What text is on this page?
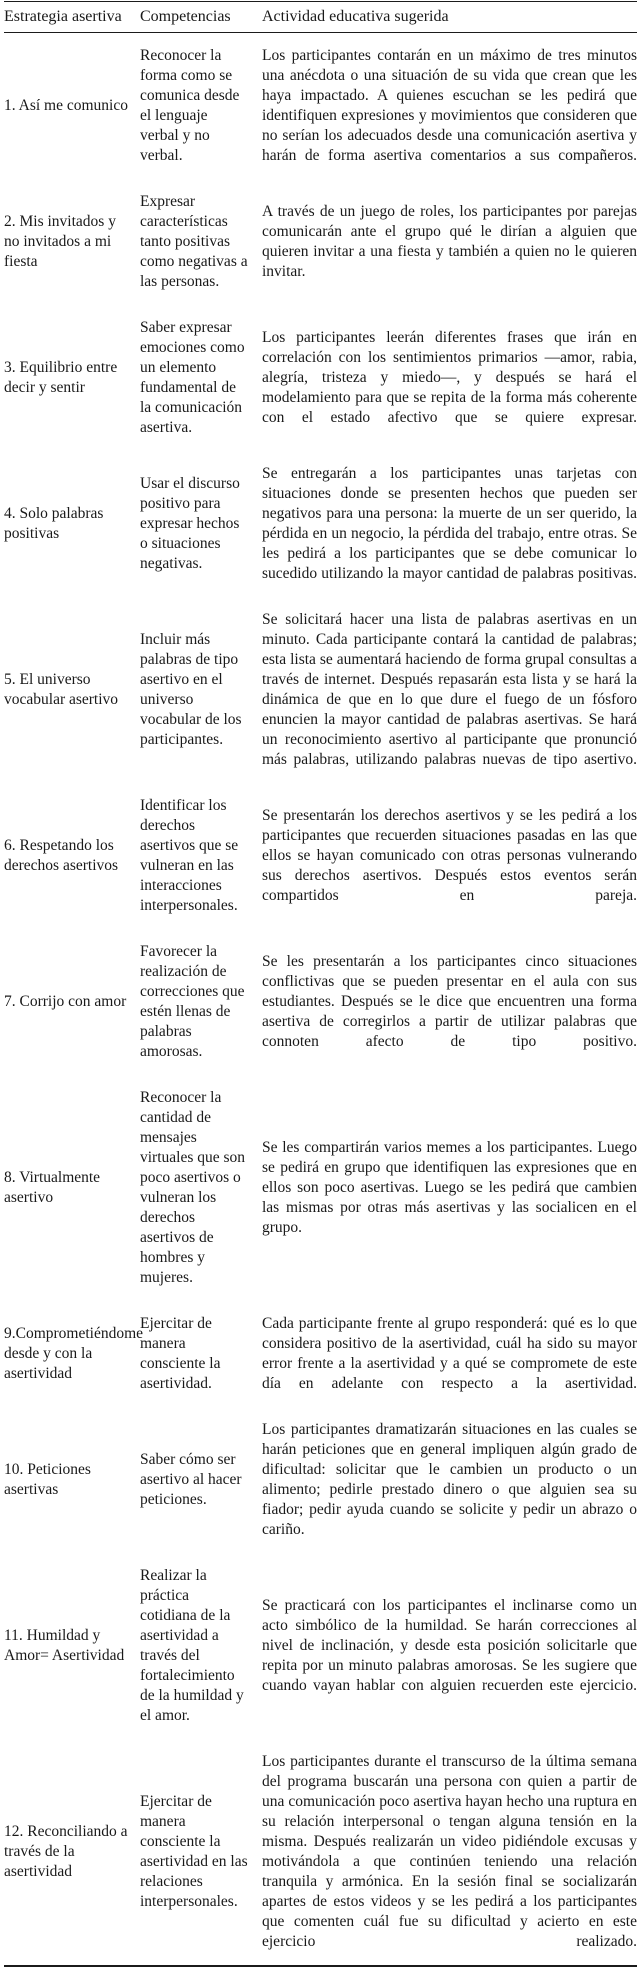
Estrategia asertiva	Competencias	Actividad educativa sugerida
1. Así me comunico	Reconocer la forma como se comunica desde el lenguaje verbal y no verbal.	Los participantes contarán en un máximo de tres minutos una anécdota o una situación de su vida que crean que les haya impactado. A quienes escuchan se les pedirá que identifiquen expresiones y movimientos que consideren que no serían los adecuados desde una comunicación asertiva y harán de forma asertiva comentarios a sus compañeros.
2. Mis invitados y no invitados a mi fiesta	Expresar características tanto positivas como negativas a las personas.	A través de un juego de roles, los participantes por parejas comunicarán ante el grupo qué le dirían a alguien que quieren invitar a una fiesta y también a quien no le quieren invitar.
3. Equilibrio entre decir y sentir	Saber expresar emociones como un elemento fundamental de la comunicación asertiva.	Los participantes leerán diferentes frases que irán en correlación con los sentimientos primarios —amor, rabia, alegría, tristeza y miedo—, y después se hará el modelamiento para que se repita de la forma más coherente con el estado afectivo que se quiere expresar.
4. Solo palabras positivas	Usar el discurso positivo para expresar hechos o situaciones negativas.	Se entregarán a los participantes unas tarjetas con situaciones donde se presenten hechos que pueden ser negativos para una persona: la muerte de un ser querido, la pérdida en un negocio, la pérdida del trabajo, entre otras. Se les pedirá a los participantes que se debe comunicar lo sucedido utilizando la mayor cantidad de palabras positivas.
5. El universo vocabular asertivo	Incluir más palabras de tipo asertivo en el universo vocabular de los participantes.	Se solicitará hacer una lista de palabras asertivas en un minuto. Cada participante contará la cantidad de palabras; esta lista se aumentará haciendo de forma grupal consultas a través de internet. Después repasarán esta lista y se hará la dinámica de que en lo que dure el fuego de un fósforo enuncien la mayor cantidad de palabras asertivas. Se hará un reconocimiento asertivo al participante que pronunció más palabras, utilizando palabras nuevas de tipo asertivo.
6. Respetando los derechos asertivos	Identificar los derechos asertivos que se vulneran en las interacciones interpersonales.	Se presentarán los derechos asertivos y se les pedirá a los participantes que recuerden situaciones pasadas en las que ellos se hayan comunicado con otras personas vulnerando sus derechos asertivos. Después estos eventos serán compartidos en pareja.
7. Corrijo con amor	Favorecer la realización de correcciones que estén llenas de palabras amorosas.	Se les presentarán a los participantes cinco situaciones conflictivas que se pueden presentar en el aula con sus estudiantes. Después se le dice que encuentren una forma asertiva de corregirlos a partir de utilizar palabras que connoten afecto de tipo positivo.
8. Virtualmente asertivo	Reconocer la cantidad de mensajes virtuales que son poco asertivos o vulneran los derechos asertivos de hombres y mujeres.	Se les compartirán varios memes a los participantes. Luego se pedirá en grupo que identifiquen las expresiones que en ellos son poco asertivas. Luego se les pedirá que cambien las mismas por otras más asertivas y las socialicen en el grupo.
9.Comprometiéndome desde y con la asertividad	Ejercitar de manera consciente la asertividad.	Cada participante frente al grupo responderá: qué es lo que considera positivo de la asertividad, cuál ha sido su mayor error frente a la asertividad y a qué se compromete de este día en adelante con respecto a la asertividad.
10. Peticiones asertivas	Saber cómo ser asertivo al hacer peticiones.	Los participantes dramatizarán situaciones en las cuales se harán peticiones que en general impliquen algún grado de dificultad: solicitar que le cambien un producto o un alimento; pedirle prestado dinero o que alguien sea su fiador; pedir ayuda cuando se solicite y pedir un abrazo o cariño.
11. Humildad y Amor= Asertividad	Realizar la práctica cotidiana de la asertividad a través del fortalecimiento de la humildad y el amor.	Se practicará con los participantes el inclinarse como un acto simbólico de la humildad. Se harán correcciones al nivel de inclinación, y desde esta posición solicitarle que repita por un minuto palabras amorosas. Se les sugiere que cuando vayan hablar con alguien recuerden este ejercicio.
12. Reconciliando a través de la asertividad	Ejercitar de manera consciente la asertividad en las relaciones interpersonales.	Los participantes durante el transcurso de la última semana del programa buscarán una persona con quien a partir de una comunicación poco asertiva hayan hecho una ruptura en su relación interpersonal o tengan alguna tensión en la misma. Después realizarán un video pidiéndole excusas y motivándola a que continúen teniendo una relación tranquila y armónica. En la sesión final se socializarán apartes de estos videos y se les pedirá a los participantes que comenten cuál fue su dificultad y acierto en este ejercicio realizado.
